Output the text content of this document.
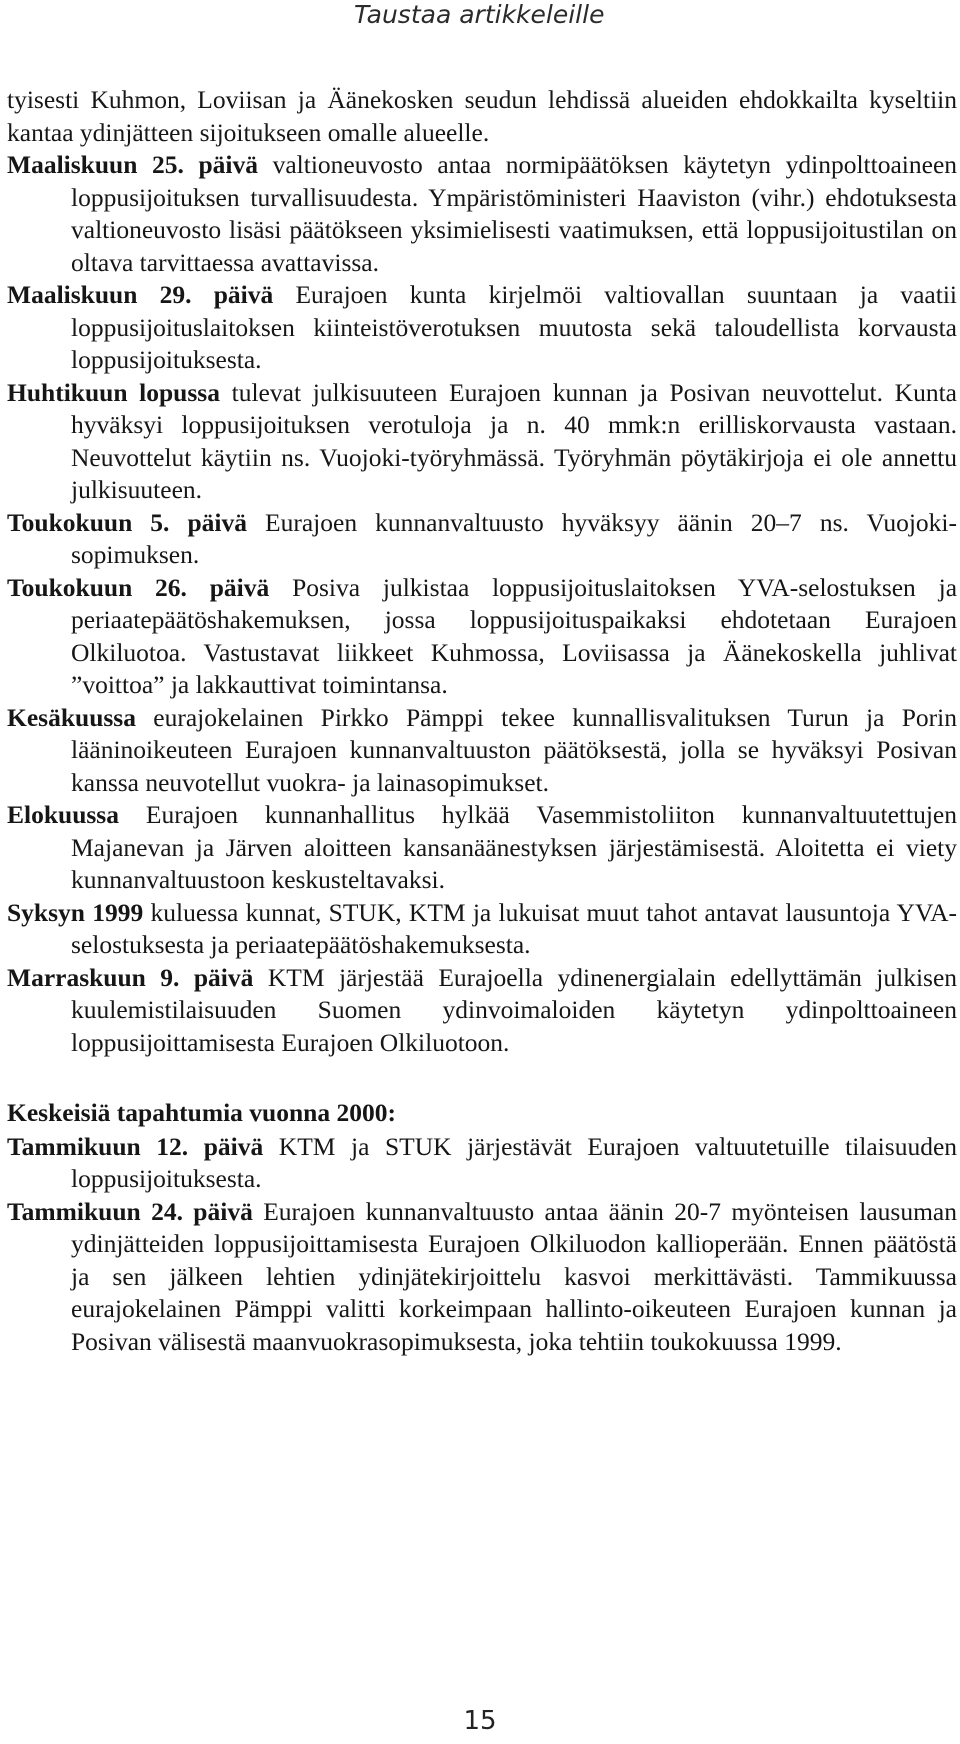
Taustaa artikkeleille

tyisesti Kuhmon, Loviisan ja Äänekosken seudun lehdissä alueiden ehdokkailta kyseltiin kantaa ydinjätteen sijoitukseen omalle alueelle.

Maaliskuun 25. päivä valtioneuvosto antaa normipäätöksen käytetyn ydinpolttoaineen loppusijoituksen turvallisuudesta. Ympäristöministeri Haaviston (vihr.) ehdotuksesta valtioneuvosto lisäsi päätökseen yksimielisesti vaatimuksen, että loppusijoitustilan on oltava tarvittaessa avattavissa.

Maaliskuun 29. päivä Eurajoen kunta kirjelmöi valtiovallan suuntaan ja vaatii loppusijoituslaitoksen kiinteistöverotuksen muutosta sekä taloudellista korvausta loppusijoituksesta.

Huhtikuun lopussa tulevat julkisuuteen Eurajoen kunnan ja Posivan neuvottelut. Kunta hyväksyi loppusijoituksen verotuloja ja n. 40 mmk:n erilliskorvausta vastaan. Neuvottelut käytiin ns. Vuojoki-työryhmässä. Työryhmän pöytäkirjoja ei ole annettu julkisuuteen.

Toukokuun 5. päivä Eurajoen kunnanvaltuusto hyväksyy äänin 20–7 ns. Vuojoki-sopimuksen.

Toukokuun 26. päivä Posiva julkistaa loppusijoituslaitoksen YVA-selostuksen ja periaatepäätöshakemuksen, jossa loppusijoituspaikaksi ehdotetaan Eurajoen Olkiluotoa. Vastustavat liikkeet Kuhmossa, Loviisassa ja Äänekoskella juhlivat ”voittoa” ja lakkauttivat toimintansa.

Kesäkuussa eurajokelainen Pirkko Pämppi tekee kunnallisvalituksen Turun ja Porin lääninoikeuteen Eurajoen kunnanvaltuuston päätöksestä, jolla se hyväksyi Posivan kanssa neuvotellut vuokra- ja lainasopimukset.

Elokuussa Eurajoen kunnanhallitus hylkää Vasemmistoliiton kunnanvaltuutettujen Majanevan ja Järven aloitteen kansanäänestyksen järjestämisestä. Aloitetta ei viety kunnanvaltuustoon keskusteltavaksi.

Syksyn 1999 kuluessa kunnat, STUK, KTM ja lukuisat muut tahot antavat lausuntoja YVA-selostuksesta ja periaatepäätöshakemuksesta.

Marraskuun 9. päivä KTM järjestää Eurajoella ydinenergialain edellyttämän julkisen kuulemistilaisuuden Suomen ydinvoimaloiden käytetyn ydinpolttoaineen loppusijoittamisesta Eurajoen Olkiluotoon.

Keskeisiä tapahtumia vuonna 2000:

Tammikuun 12. päivä KTM ja STUK järjestävät Eurajoen valtuutetuille tilaisuuden loppusijoituksesta.

Tammikuun 24. päivä Eurajoen kunnanvaltuusto antaa äänin 20-7 myönteisen lausuman ydinjätteiden loppusijoittamisesta Eurajoen Olkiluodon kallioperään. Ennen päätöstä ja sen jälkeen lehtien ydinjätekirjoittelu kasvoi merkittävästi. Tammikuussa eurajokelainen Pämppi valitti korkeimpaan hallinto-oikeuteen Eurajoen kunnan ja Posivan välisestä maanvuokrasopimuksesta, joka tehtiin toukokuussa 1999.

15
